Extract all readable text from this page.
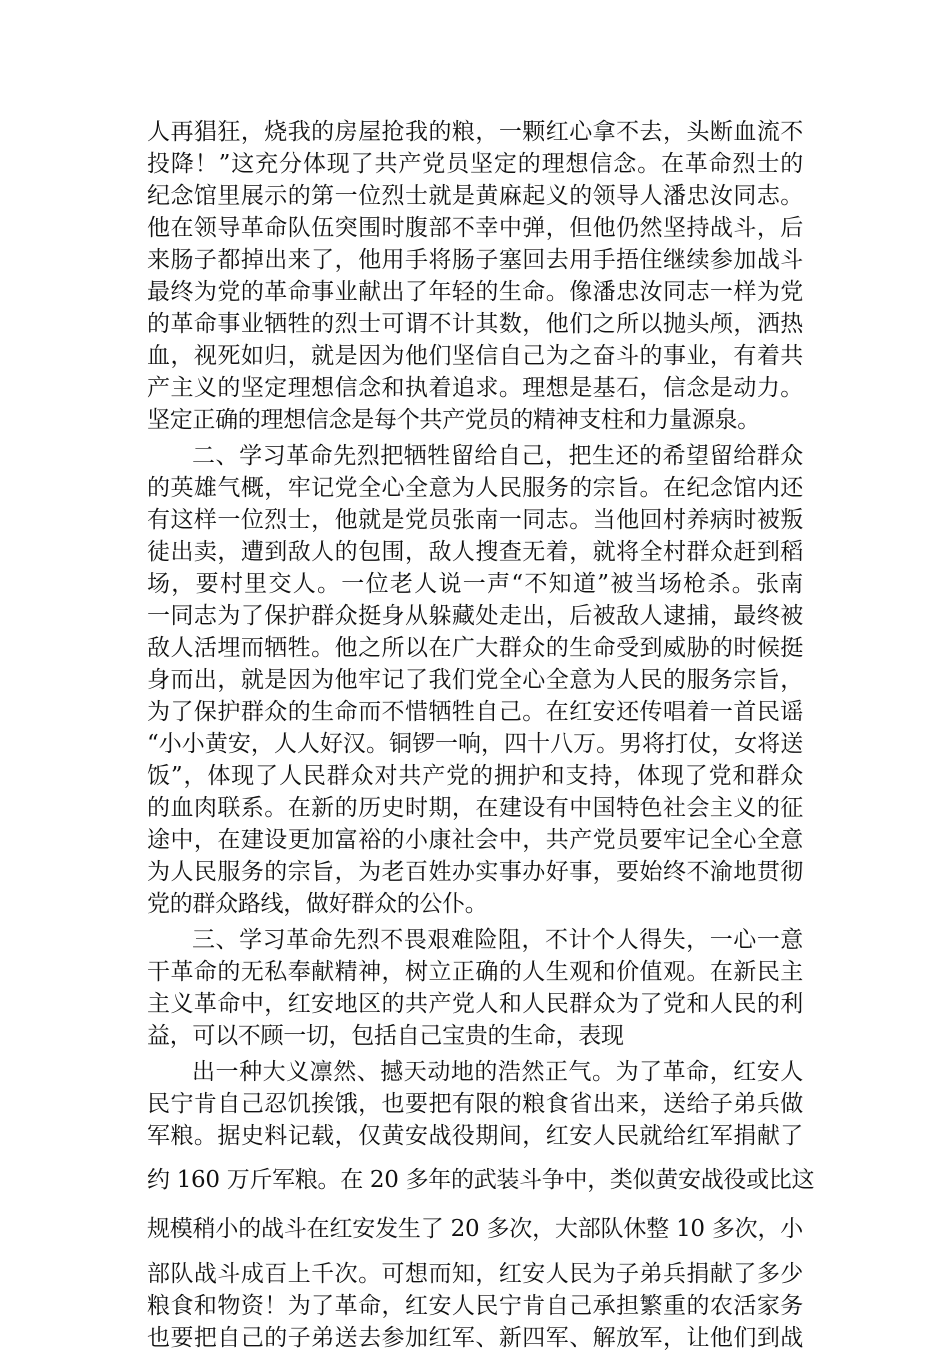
人再猖狂，烧我的房屋抢我的粮，一颗红心拿不去，头断血流不
投降！”这充分体现了共产党员坚定的理想信念。在革命烈士的
纪念馆里展示的第一位烈士就是黄麻起义的领导人潘忠汝同志。
他在领导革命队伍突围时腹部不幸中弹，但他仍然坚持战斗，后
来肠子都掉出来了，他用手将肠子塞回去用手捂住继续参加战斗
最终为党的革命事业献出了年轻的生命。像潘忠汝同志一样为党
的革命事业牺牲的烈士可谓不计其数，他们之所以抛头颅，洒热
血，视死如归，就是因为他们坚信自己为之奋斗的事业，有着共
产主义的坚定理想信念和执着追求。理想是基石，信念是动力。
坚定正确的理想信念是每个共产党员的精神支柱和力量源泉。
二、学习革命先烈把牺牲留给自己，把生还的希望留给群众
的英雄气概，牢记党全心全意为人民服务的宗旨。在纪念馆内还
有这样一位烈士，他就是党员张南一同志。当他回村养病时被叛
徒出卖，遭到敌人的包围，敌人搜查无着，就将全村群众赶到稻
场，要村里交人。一位老人说一声“不知道”被当场枪杀。张南
一同志为了保护群众挺身从躲藏处走出，后被敌人逮捕，最终被
敌人活埋而牺牲。他之所以在广大群众的生命受到威胁的时候挺
身而出，就是因为他牢记了我们党全心全意为人民的服务宗旨，
为了保护群众的生命而不惜牺牲自己。在红安还传唱着一首民谣
“小小黄安，人人好汉。铜锣一响，四十八万。男将打仗，女将送
饭”，体现了人民群众对共产党的拥护和支持，体现了党和群众
的血肉联系。在新的历史时期，在建设有中国特色社会主义的征
途中，在建设更加富裕的小康社会中，共产党员要牢记全心全意
为人民服务的宗旨，为老百姓办实事办好事，要始终不渝地贯彻
党的群众路线，做好群众的公仆。
三、学习革命先烈不畏艰难险阻，不计个人得失，一心一意
干革命的无私奉献精神，树立正确的人生观和价值观。在新民主
主义革命中，红安地区的共产党人和人民群众为了党和人民的利
益，可以不顾一切，包括自己宝贵的生命，表现
出一种大义凛然、撼天动地的浩然正气。为了革命，红安人
民宁肯自己忍饥挨饿，也要把有限的粮食省出来，送给子弟兵做
军粮。据史料记载，仅黄安战役期间，红安人民就给红军捐献了
约 160 万斤军粮。在 20 多年的武装斗争中，类似黄安战役或比这
规模稍小的战斗在红安发生了 20 多次，大部队休整 10 多次，小
部队战斗成百上千次。可想而知，红安人民为子弟兵捐献了多少
粮食和物资！为了革命，红安人民宁肯自己承担繁重的农活家务
也要把自己的子弟送去参加红军、新四军、解放军，让他们到战
